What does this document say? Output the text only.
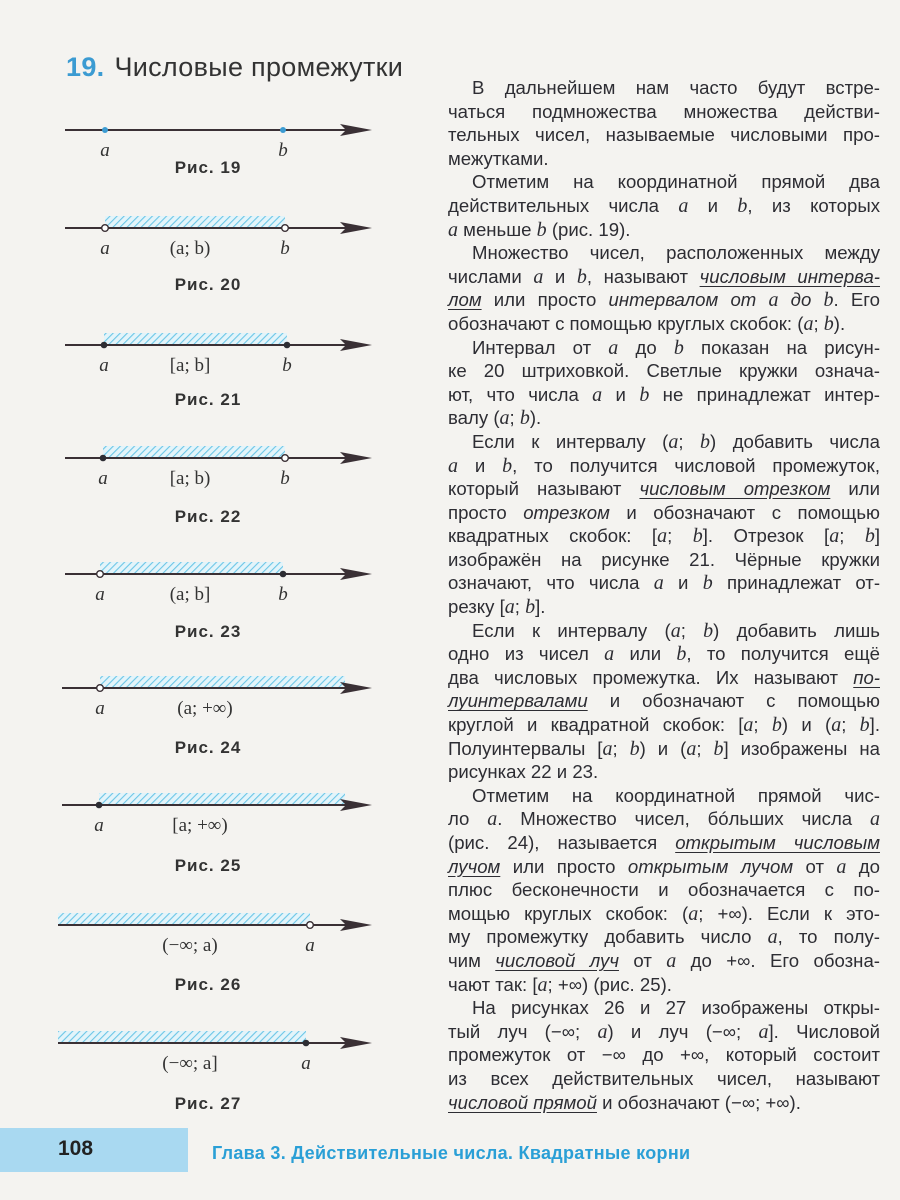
19. Числовые промежутки
a	b
Рис. 19
a	b
(a; b)
Рис. 20
a	b
[a; b]
Рис. 21
a	b
[a; b)
Рис. 22
a	b
(a; b]
Рис. 23
a	(a; +∞)
Рис. 24
a	[a; +∞)
Рис. 25
a
(−∞; a)
Рис. 26
a
(−∞; a]
Рис. 27
В дальнейшем нам часто будут встре-
чаться подмножества множества действи-
тельных чисел, называемые числовыми про-
межутками.
Отметим на координатной прямой два
действительных числа a и b, из которых
a меньше b (рис. 19).
Множество чисел, расположенных между
числами a и b, называют числовым интерва-
лом или просто интервалом от a до b. Его
обозначают с помощью круглых скобок: (a; b).
Интервал от a до b показан на рисун-
ке 20 штриховкой. Светлые кружки означа-
ют, что числа a и b не принадлежат интер-
валу (a; b).
Если к интервалу (a; b) добавить числа
a и b, то получится числовой промежуток,
который называют числовым отрезком или
просто отрезком и обозначают с помощью
квадратных скобок: [a; b]. Отрезок [a; b]
изображён на рисунке 21. Чёрные кружки
означают, что числа a и b принадлежат от-
резку [a; b].
Если к интервалу (a; b) добавить лишь
одно из чисел a или b, то получится ещё
два числовых промежутка. Их называют по-
луинтервалами и обозначают с помощью
круглой и квадратной скобок: [a; b) и (a; b].
Полуинтервалы [a; b) и (a; b] изображены на
рисунках 22 и 23.
Отметим на координатной прямой чис-
ло a. Множество чисел, бóльших числа a
(рис. 24), называется открытым числовым
лучом или просто открытым лучом от a до
плюс бесконечности и обозначается с по-
мощью круглых скобок: (a; +∞). Если к это-
му промежутку добавить число a, то полу-
чим числовой луч от a до +∞. Его обозна-
чают так: [a; +∞) (рис. 25).
На рисунках 26 и 27 изображены откры-
тый луч (−∞; a) и луч (−∞; a]. Числовой
промежуток от −∞ до +∞, который состоит
из всех действительных чисел, называют
числовой прямой и обозначают (−∞; +∞).
108	Глава 3. Действительные числа. Квадратные корни
